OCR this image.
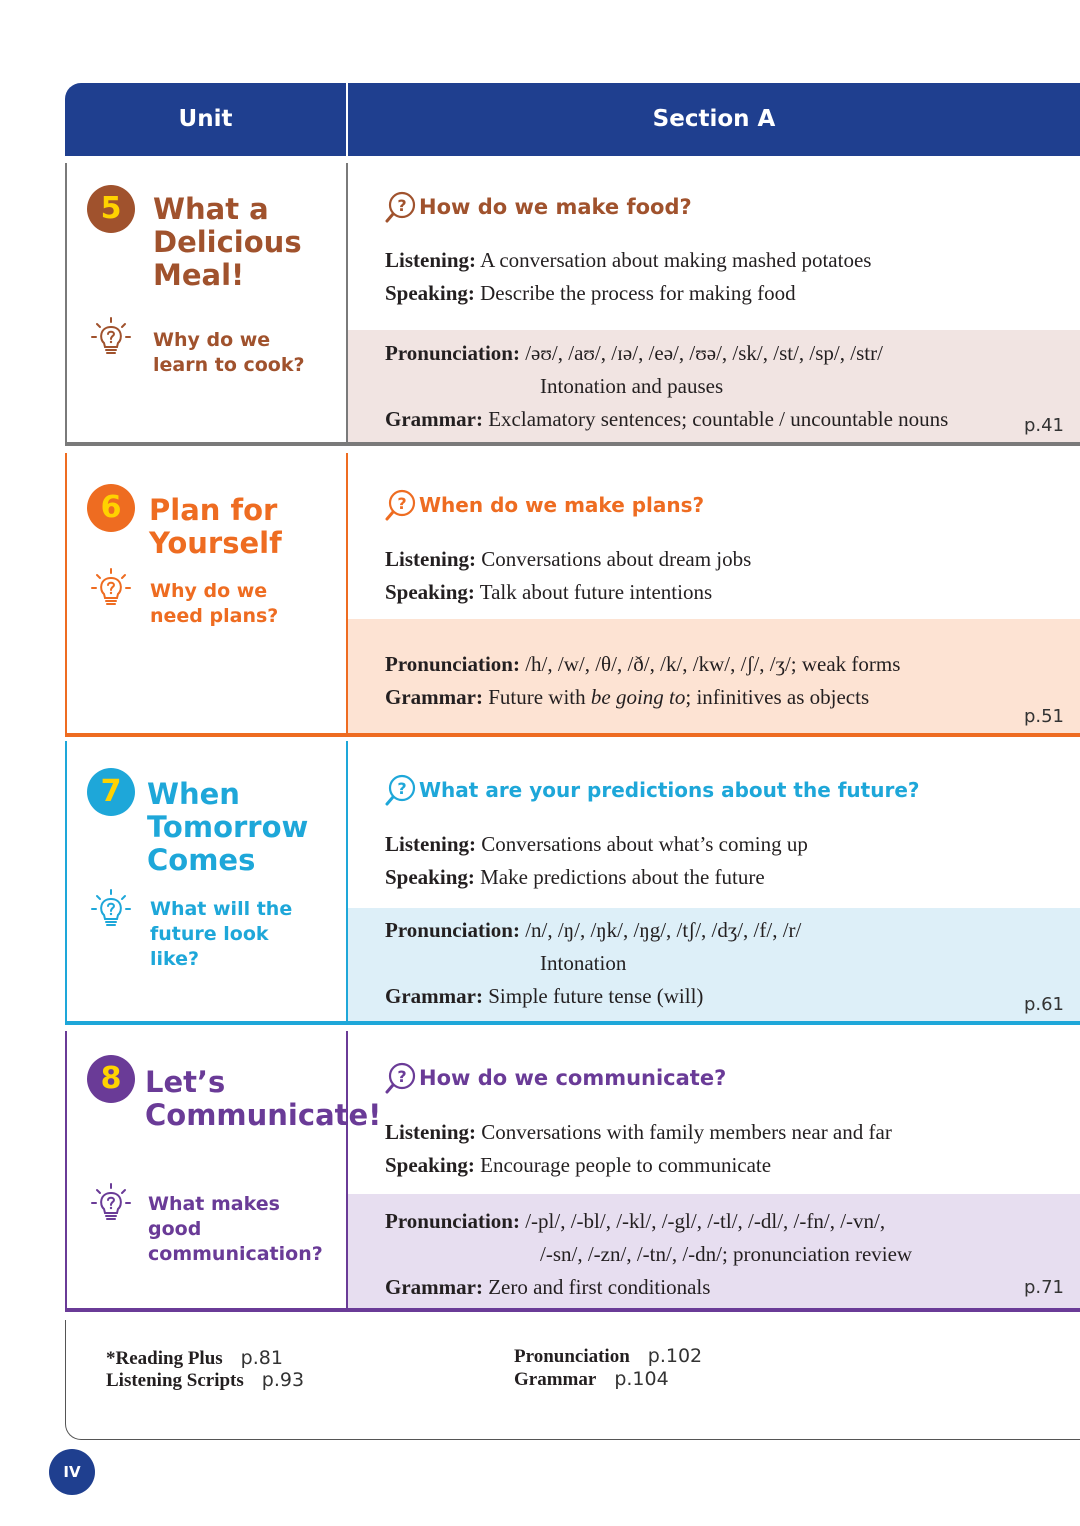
Unit	Section A
5	What a
Delicious
Meal!
Why do we
learn to cook?
p.41
? How do we make food?
Listening: A conversation about making mashed potatoes
Speaking: Describe the process for making food
Pronunciation: /əʊ/, /aʊ/, /ɪə/, /eə/, /ʊə/, /sk/, /st/, /sp/, /str/
Intonation and pauses
Grammar: Exclamatory sentences; countable / uncountable nouns
6 Plan for
Yourself
Why do we
need plans?
p.51
? When do we make plans?
Listening: Conversations about dream jobs
Speaking: Talk about future intentions
Pronunciation: /h/, /w/, /θ/, /ð/, /k/, /kw/, /ʃ/, /ʒ/; weak forms
Grammar: Future with be going to; infinitives as objects
7 When
Tomorrow
Comes
What will the
future look
like?
p.61
? What are your predictions about the future?
Listening: Conversations about what’s coming up
Speaking: Make predictions about the future
Pronunciation: /n/, /ŋ/, /ŋk/, /ŋg/, /tʃ/, /dʒ/, /f/, /r/
Intonation
Grammar: Simple future tense (will)
8 Let’s
Communicate!
What makes
good
communication?
p.71
? How do we communicate?
Listening: Conversations with family members near and far
Speaking: Encourage people to communicate
Pronunciation: /-pl/, /-bl/, /-kl/, /-gl/, /-tl/, /-dl/, /-fn/, /-vn/,
/-sn/, /-zn/, /-tn/, /-dn/; pronunciation review
Grammar: Zero and first conditionals
*Reading Plus p.81
Listening Scripts p.93
Pronunciation p.102
Grammar p.104
IV
